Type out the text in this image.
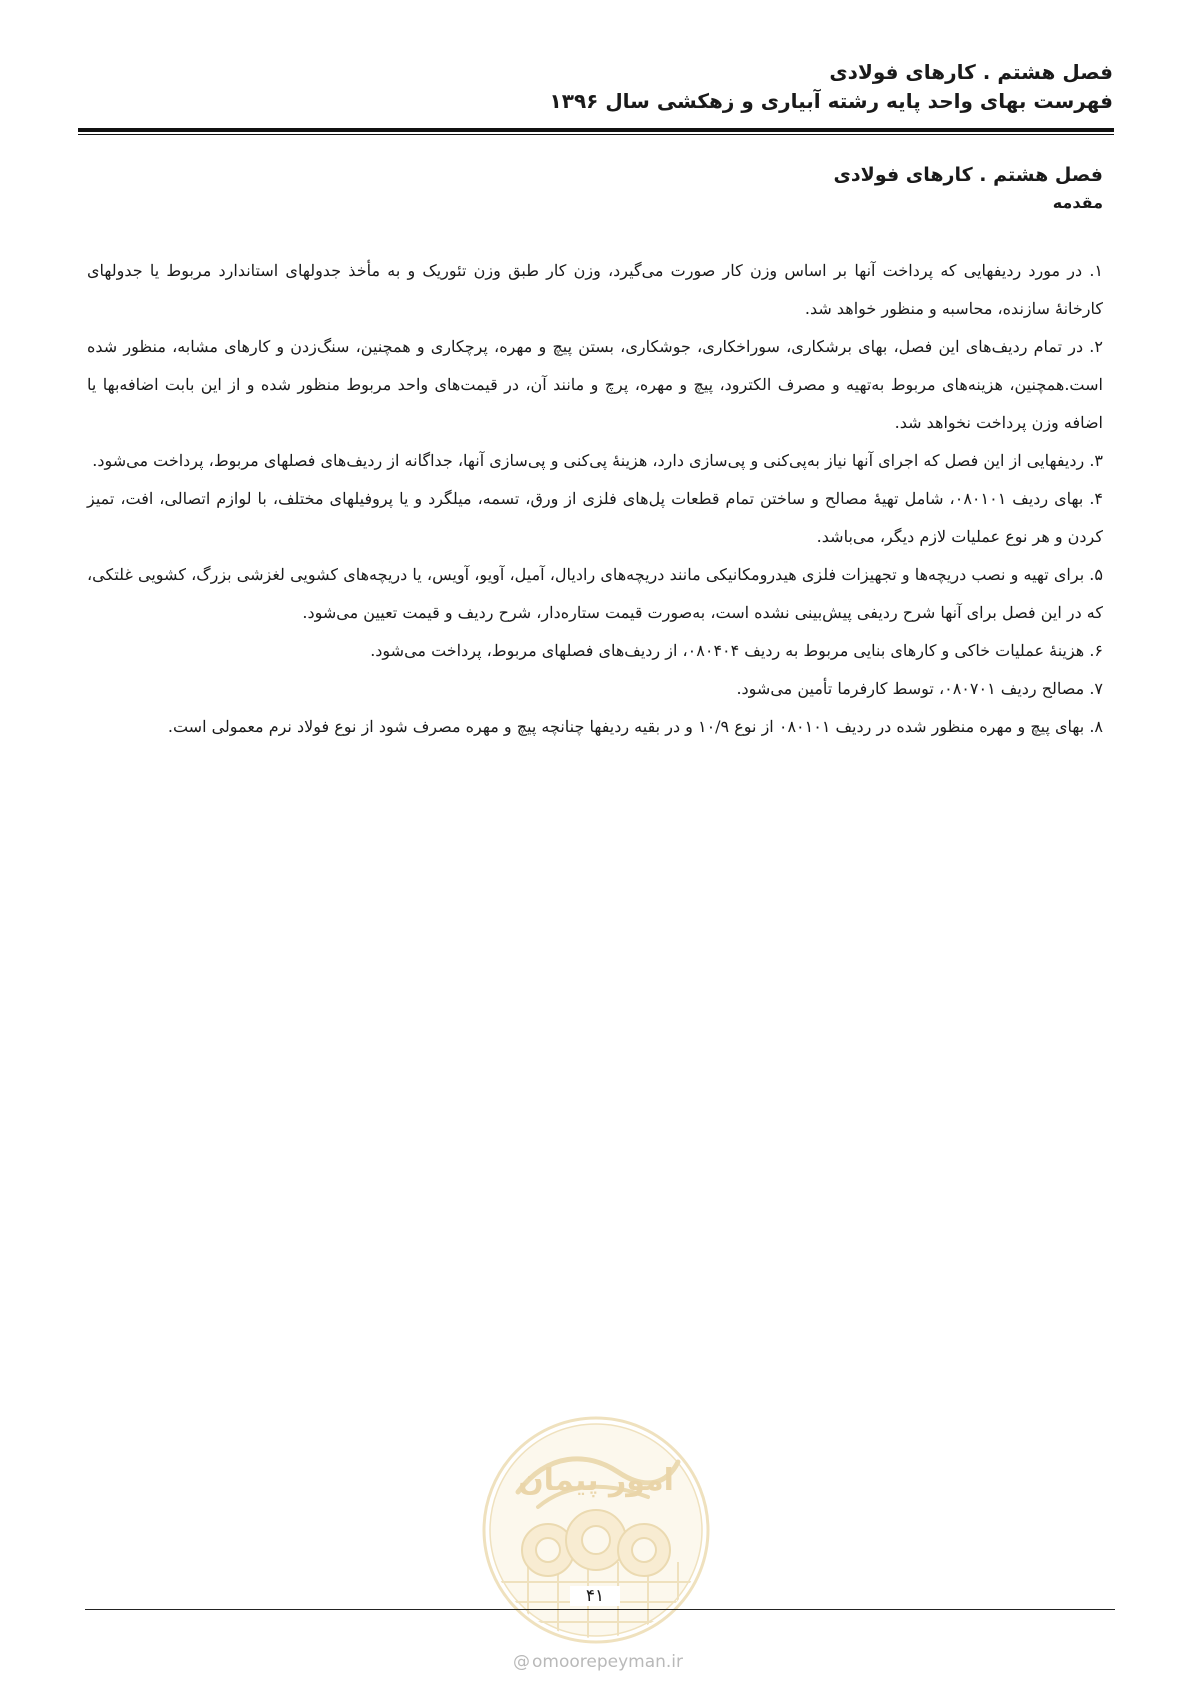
فصل هشتم . کارهای فولادی
فهرست بهای واحد پایه رشته آبیاری و زهکشی سال ۱۳۹۶
فصل هشتم . کارهای فولادی
مقدمه
۱. در مورد ردیفهایی که پرداخت آنها بر اساس وزن کار صورت می‌گیرد، وزن کار طبق وزن تئوریک و به مأخذ جدولهای استاندارد مربوط یا جدولهای کارخانهٔ سازنده، محاسبه و منظور خواهد شد.
۲. در تمام ردیف‌های این فصل، بهای برشکاری، سوراخکاری، جوشکاری، بستن پیچ و مهره، پرچکاری و همچنین، سنگ‌زدن و کارهای مشابه، منظور شده است.همچنین، هزینه‌های مربوط به‌تهیه و مصرف الکترود، پیچ و مهره، پرچ و مانند آن، در قیمت‌های واحد مربوط منظور شده و از این بابت اضافه‌بها یا اضافه وزن پرداخت نخواهد شد.
۳. ردیفهایی از این فصل که اجرای آنها نیاز به‌پی‌کنی و پی‌سازی دارد، هزینهٔ پی‌کنی و پی‌سازی آنها، جداگانه از ردیف‌های فصلهای مربوط، پرداخت می‌شود.
۴. بهای ردیف ۰۸۰۱۰۱، شامل تهیهٔ مصالح و ساختن تمام قطعات پل‌های فلزی از ورق، تسمه، میلگرد و یا پروفیلهای مختلف، با لوازم اتصالی، افت، تمیز کردن و هر نوع عملیات لازم دیگر، می‌باشد.
۵. برای تهیه و نصب دریچه‌ها و تجهیزات فلزی هیدرومکانیکی مانند دریچه‌های رادیال، آمیل، آویو، آویس، یا دریچه‌های کشویی لغزشی بزرگ، کشویی غلتکی، که در این فصل برای آنها شرح ردیفی پیش‌بینی نشده است، به‌صورت قیمت ستاره‌دار، شرح ردیف و قیمت تعیین می‌شود.
۶. هزینهٔ عملیات خاکی و کارهای بنایی مربوط به ردیف ۰۸۰۴۰۴، از ردیف‌های فصلهای مربوط، پرداخت می‌شود.
۷. مصالح ردیف ۰۸۰۷۰۱، توسط کارفرما تأمین می‌شود.
۸. بهای پیچ و مهره منظور شده در ردیف ۰۸۰۱۰۱ از نوع ۱۰/۹ و در بقیه ردیفها چنانچه پیچ و مهره مصرف شود از نوع فولاد نرم معمولی است.
امور پیمان
۴۱
@ omoorepeyman.ir
